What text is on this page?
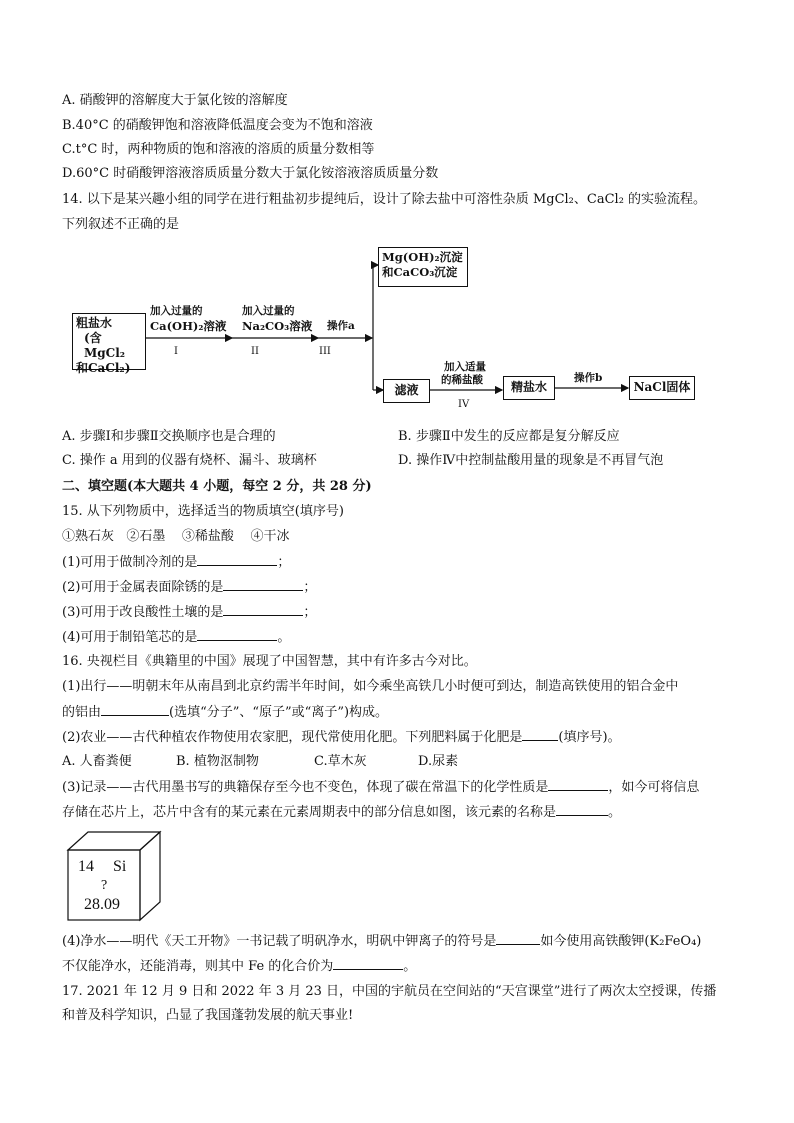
A. 硝酸钾的溶解度大于氯化铵的溶解度
B.40°C 的硝酸钾饱和溶液降低温度会变为不饱和溶液
C.t°C 时，两种物质的饱和溶液的溶质的质量分数相等
D.60°C 时硝酸钾溶液溶质质量分数大于氯化铵溶液溶质质量分数
14. 以下是某兴趣小组的同学在进行粗盐初步提纯后，设计了除去盐中可溶性杂质 MgCl₂、CaCl₂ 的实验流程。
下列叙述不正确的是
粗盐水
(含MgCl₂
和CaCl₂)
加入过量的
Ca(OH)₂溶液
加入过量的
Na₂CO₃溶液 操作a
I	II	III
Mg(OH)₂沉淀
和CaCO₃沉淀
滤液
加入适量
的稀盐酸
IV
精盐水
操作b
NaCl固体
A. 步骤Ⅰ和步骤Ⅱ交换顺序也是合理的	B. 步骤Ⅱ中发生的反应都是复分解反应
C. 操作 a 用到的仪器有烧杯、漏斗、玻璃杯	D. 操作Ⅳ中控制盐酸用量的现象是不再冒气泡
二、填空题(本大题共 4 小题，每空 2 分，共 28 分)
15. 从下列物质中，选择适当的物质填空(填序号)
①熟石灰   ②石墨    ③稀盐酸    ④干冰
(1)可用于做制冷剂的是	；
(2)可用于金属表面除锈的是	；
(3)可用于改良酸性土壤的是	；
(4)可用于制铅笔芯的是	。
16. 央视栏目《典籍里的中国》展现了中国智慧，其中有许多古今对比。
(1)出行——明朝末年从南昌到北京约需半年时间，如今乘坐高铁几小时便可到达，制造高铁使用的铝合金中
的铝由	(选填“分子”、“原子”或“离子”)构成。
(2)农业——古代种植农作物使用农家肥，现代常使用化肥。下列肥料属于化肥是	(填序号)。
A. 人畜粪便	B. 植物沤制物	C.草木灰	D.尿素
(3)记录——古代用墨书写的典籍保存至今也不变色，体现了碳在常温下的化学性质是	，如今可将信息
存储在芯片上，芯片中含有的某元素在元素周期表中的部分信息如图，该元素的名称是	。
14 Si
?
28.09
(4)净水——明代《天工开物》一书记载了明矾净水，明矾中钾离子的符号是	如今使用高铁酸钾(K₂FeO₄)
不仅能净水，还能消毒，则其中 Fe 的化合价为	。
17. 2021 年 12 月 9 日和 2022 年 3 月 23 日，中国的宇航员在空间站的“天宫课堂”进行了两次太空授课，传播
和普及科学知识，凸显了我国蓬勃发展的航天事业!
